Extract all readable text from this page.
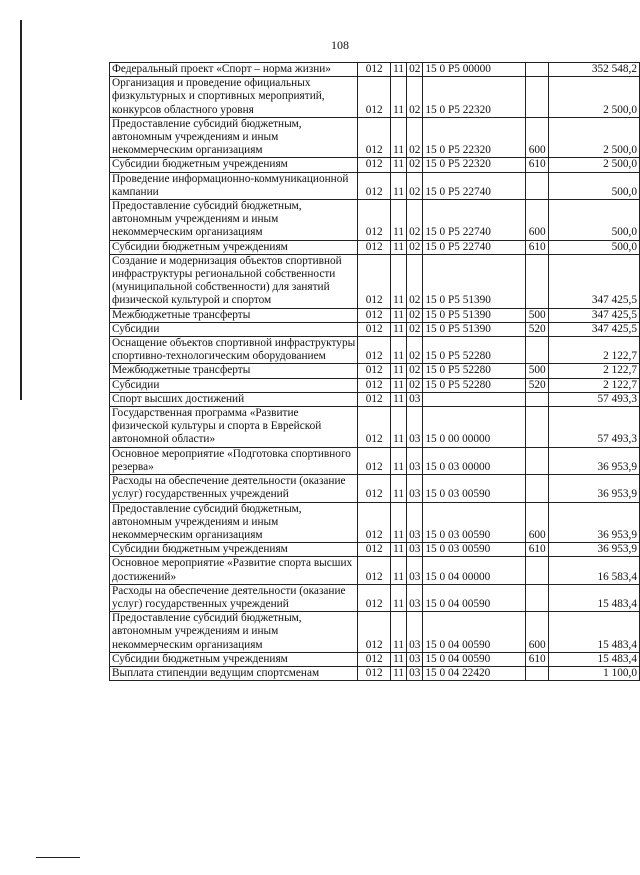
108
Федеральный проект «Спорт – норма жизни»	012	11	02	15 0 Р5 00000		352 548,2
Организация и проведение официальных физкультурных и спортивных мероприятий, конкурсов областного уровня	012	11	02	15 0 Р5 22320		2 500,0
Предоставление субсидий бюджетным, автономным учреждениям и иным некоммерческим организациям	012	11	02	15 0 Р5 22320	600	2 500,0
Субсидии бюджетным учреждениям	012	11	02	15 0 Р5 22320	610	2 500,0
Проведение информационно-коммуникационной кампании	012	11	02	15 0 Р5 22740		500,0
Предоставление субсидий бюджетным, автономным учреждениям и иным некоммерческим организациям	012	11	02	15 0 Р5 22740	600	500,0
Субсидии бюджетным учреждениям	012	11	02	15 0 Р5 22740	610	500,0
Создание и модернизация объектов спортивной инфраструктуры региональной собственности (муниципальной собственности) для занятий физической культурой и спортом	012	11	02	15 0 Р5 51390		347 425,5
Межбюджетные трансферты	012	11	02	15 0 Р5 51390	500	347 425,5
Субсидии	012	11	02	15 0 Р5 51390	520	347 425,5
Оснащение объектов спортивной инфраструктуры спортивно-технологическим оборудованием	012	11	02	15 0 Р5 52280		2 122,7
Межбюджетные трансферты	012	11	02	15 0 Р5 52280	500	2 122,7
Субсидии	012	11	02	15 0 Р5 52280	520	2 122,7
Спорт высших достижений	012	11	03			57 493,3
Государственная программа «Развитие физической культуры и спорта в Еврейской автономной области»	012	11	03	15 0 00 00000		57 493,3
Основное мероприятие «Подготовка спортивного резерва»	012	11	03	15 0 03 00000		36 953,9
Расходы на обеспечение деятельности (оказание услуг) государственных учреждений	012	11	03	15 0 03 00590		36 953,9
Предоставление субсидий бюджетным, автономным учреждениям и иным некоммерческим организациям	012	11	03	15 0 03 00590	600	36 953,9
Субсидии бюджетным учреждениям	012	11	03	15 0 03 00590	610	36 953,9
Основное мероприятие «Развитие спорта высших достижений»	012	11	03	15 0 04 00000		16 583,4
Расходы на обеспечение деятельности (оказание услуг) государственных учреждений	012	11	03	15 0 04 00590		15 483,4
Предоставление субсидий бюджетным, автономным учреждениям и иным некоммерческим организациям	012	11	03	15 0 04 00590	600	15 483,4
Субсидии бюджетным учреждениям	012	11	03	15 0 04 00590	610	15 483,4
Выплата стипендии ведущим спортсменам	012	11	03	15 0 04 22420		1 100,0
